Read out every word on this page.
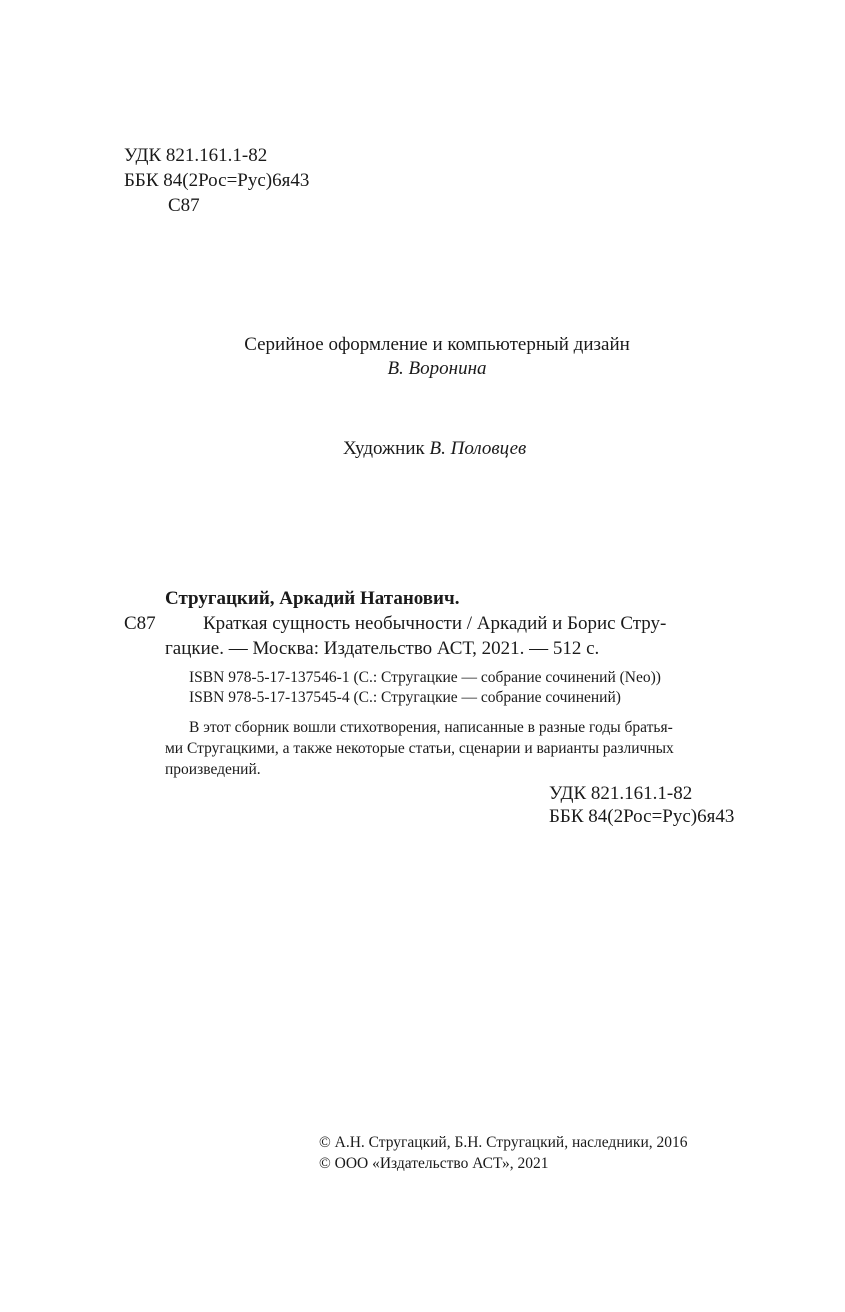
УДК 821.161.1-82
ББК 84(2Рос=Рус)6я43
С87
Серийное оформление и компьютерный дизайн
В. Воронина
Художник В. Половцев
Стругацкий, Аркадий Натанович.
С87 Краткая сущность необычности / Аркадий и Борис Стру-
гацкие. — Москва: Издательство АСТ, 2021. — 512 с.
ISBN 978-5-17-137546-1 (С.: Стругацкие — собрание сочинений (Neo))
ISBN 978-5-17-137545-4 (С.: Стругацкие — собрание сочинений)
В этот сборник вошли стихотворения, написанные в разные годы братья-
ми Стругацкими, а также некоторые статьи, сценарии и варианты различных
произведений.
УДК 821.161.1-82
ББК 84(2Рос=Рус)6я43
© А.Н. Стругацкий, Б.Н. Стругацкий, наследники, 2016
© ООО «Издательство АСТ», 2021
